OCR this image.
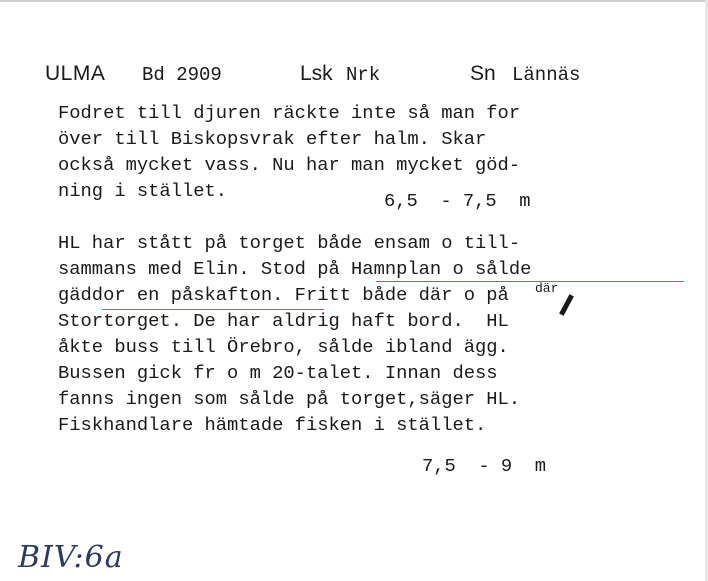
ULMA Bd 2909	Lsk Nrk	Sn Lännäs
Fodret till djuren räckte inte så man for
över till Biskopsvrak efter halm. Skar
också mycket vass. Nu har man mycket göd-
ning i stället.
HL har stått på torget både ensam o till-
sammans med Elin. Stod på Hamnplan o sålde
gäddor en påskafton. Fritt både där o på
Stortorget. De har aldrig haft bord.  HL
åkte buss till Örebro, sålde ibland ägg.
Bussen gick fr o m 20-talet. Innan dess
fanns ingen som sålde på torget,säger HL.
Fiskhandlare hämtade fisken i stället.
6,5  - 7,5  m
där
7,5  - 9  m
BIV:6a
